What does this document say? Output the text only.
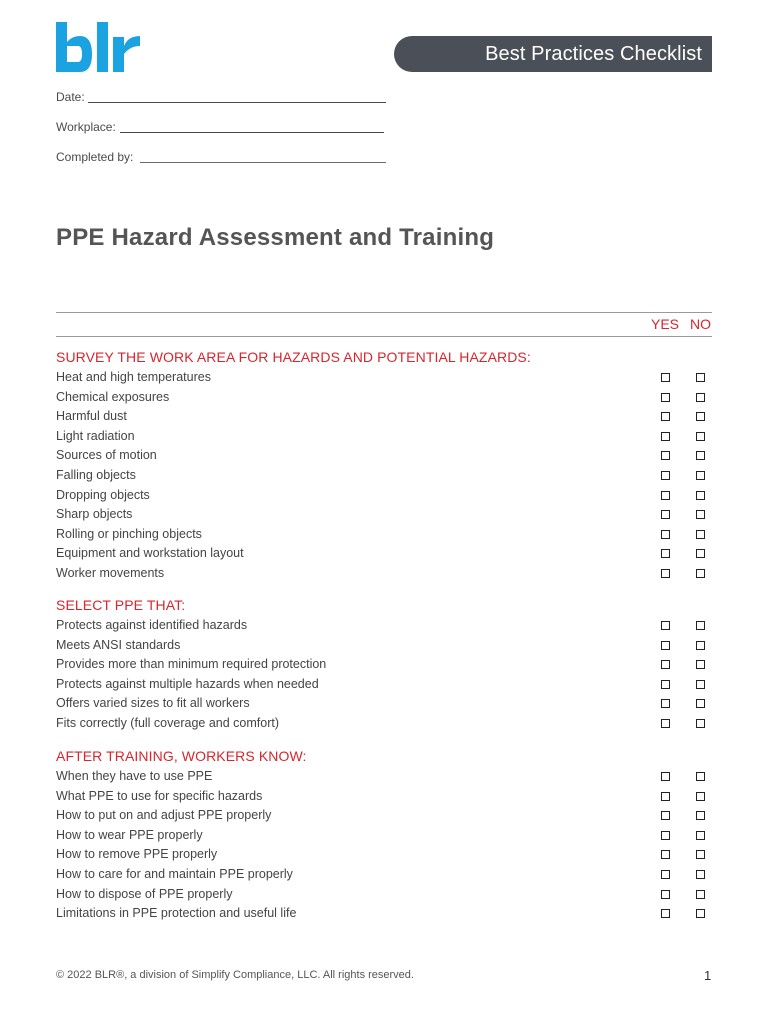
Best Practices Checklist
Date:
Workplace:
Completed by:
PPE Hazard Assessment and Training
YES NO
SURVEY THE WORK AREA FOR HAZARDS AND POTENTIAL HAZARDS:
Heat and high temperatures
Chemical exposures
Harmful dust
Light radiation
Sources of motion
Falling objects
Dropping objects
Sharp objects
Rolling or pinching objects
Equipment and workstation layout
Worker movements
SELECT PPE THAT:
Protects against identified hazards
Meets ANSI standards
Provides more than minimum required protection
Protects against multiple hazards when needed
Offers varied sizes to fit all workers
Fits correctly (full coverage and comfort)
AFTER TRAINING, WORKERS KNOW:
When they have to use PPE
What PPE to use for specific hazards
How to put on and adjust PPE properly
How to wear PPE properly
How to remove PPE properly
How to care for and maintain PPE properly
How to dispose of PPE properly
Limitations in PPE protection and useful life
© 2022 BLR®, a division of Simplify Compliance, LLC. All rights reserved.	1
